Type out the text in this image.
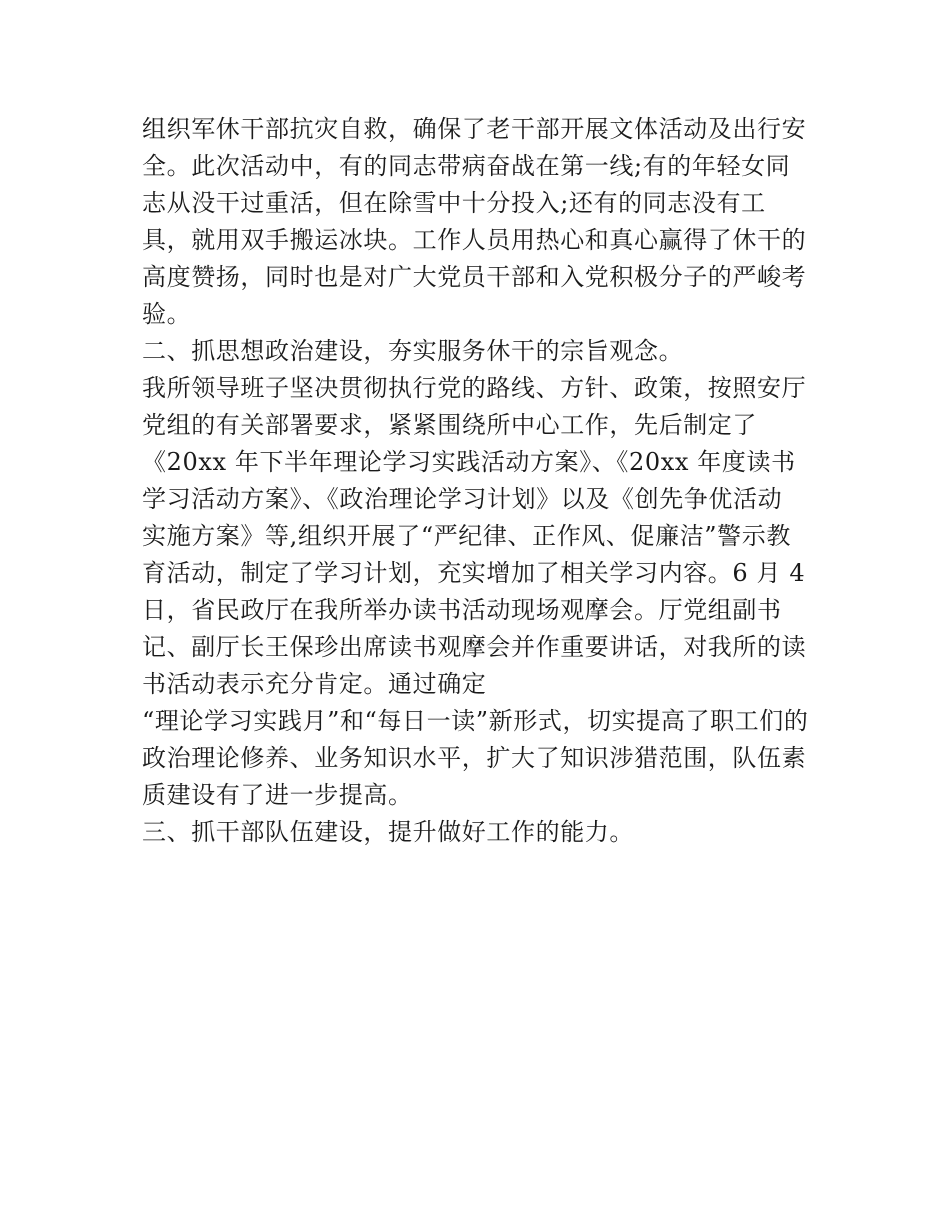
组织军休干部抗灾自救，确保了老干部开展文体活动及出行安
全。此次活动中，有的同志带病奋战在第一线;有的年轻女同
志从没干过重活，但在除雪中十分投入;还有的同志没有工
具，就用双手搬运冰块。工作人员用热心和真心赢得了休干的
高度赞扬，同时也是对广大党员干部和入党积极分子的严峻考
验。
二、抓思想政治建设，夯实服务休干的宗旨观念。
我所领导班子坚决贯彻执行党的路线、方针、政策，按照安厅
党组的有关部署要求，紧紧围绕所中心工作，先后制定了
《20xx 年下半年理论学习实践活动方案》、《20xx 年度读书
学习活动方案》、《政治理论学习计划》以及《创先争优活动
实施方案》等,组织开展了“严纪律、正作风、促廉洁”警示教
育活动，制定了学习计划，充实增加了相关学习内容。6 月 4
日，省民政厅在我所举办读书活动现场观摩会。厅党组副书
记、副厅长王保珍出席读书观摩会并作重要讲话，对我所的读
书活动表示充分肯定。通过确定
“理论学习实践月”和“每日一读”新形式，切实提高了职工们的
政治理论修养、业务知识水平，扩大了知识涉猎范围，队伍素
质建设有了进一步提高。
三、抓干部队伍建设，提升做好工作的能力。
